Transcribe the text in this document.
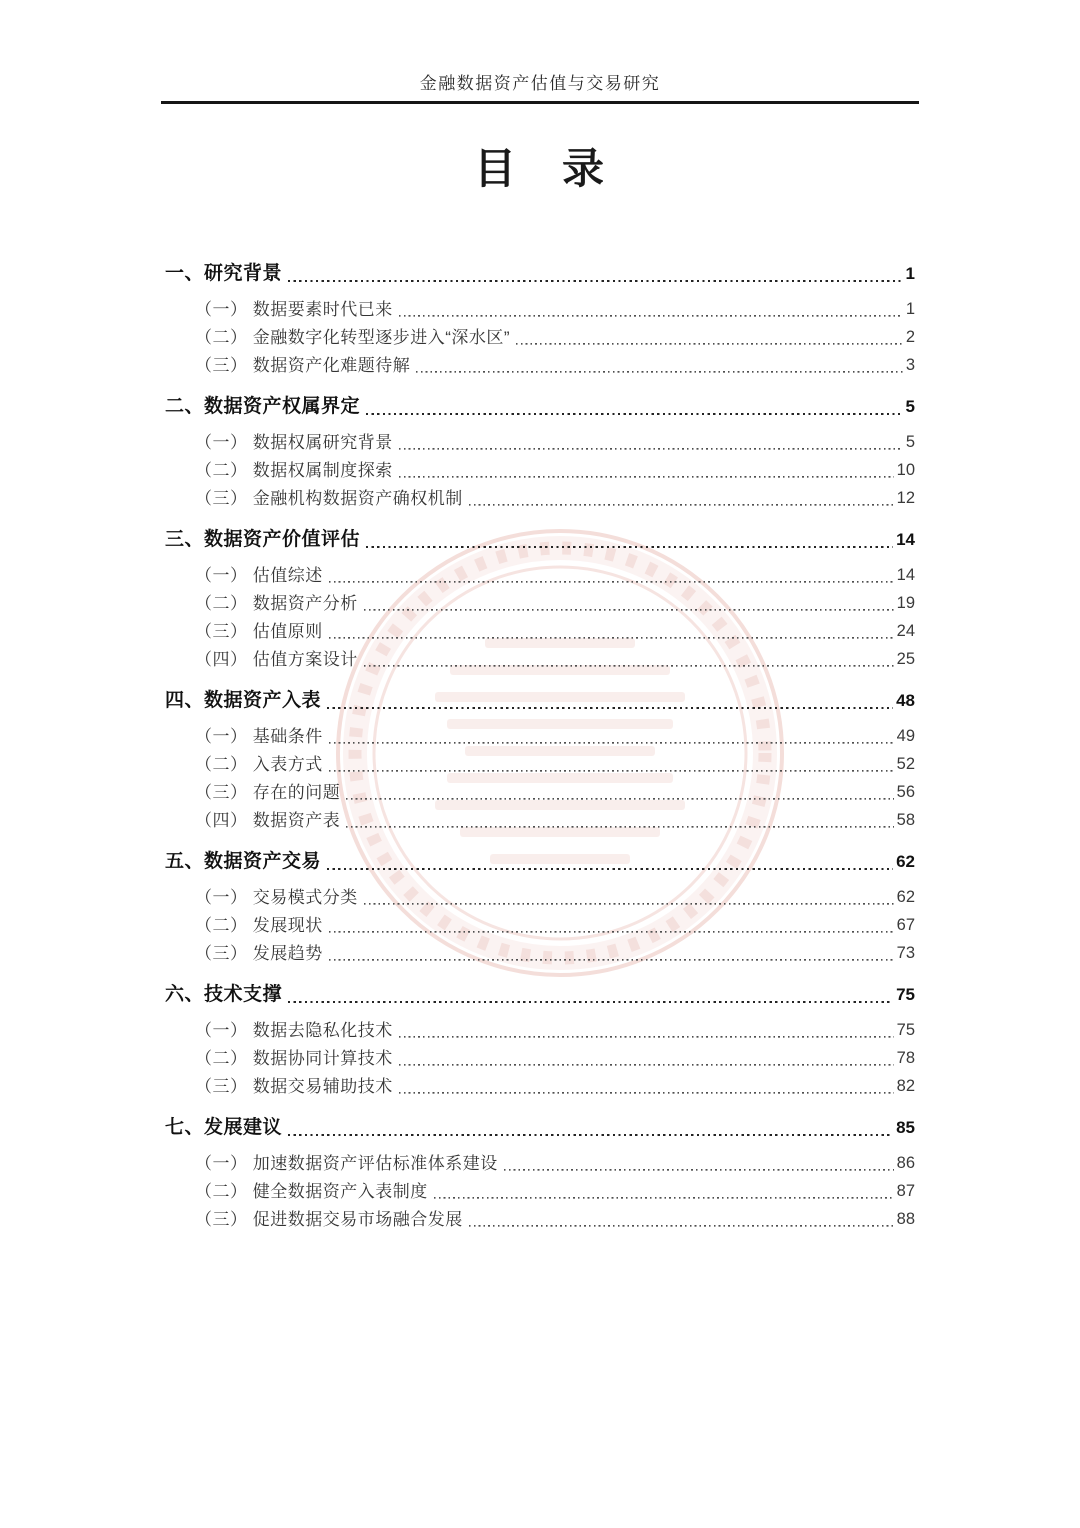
金融数据资产估值与交易研究
目　录
一、研究背景	1
（一） 数据要素时代已来	1
（二） 金融数字化转型逐步进入“深水区”	2
（三） 数据资产化难题待解	3
二、数据资产权属界定	5
（一） 数据权属研究背景	5
（二） 数据权属制度探索	10
（三） 金融机构数据资产确权机制	12
三、数据资产价值评估	14
（一） 估值综述	14
（二） 数据资产分析	19
（三） 估值原则	24
（四） 估值方案设计	25
四、数据资产入表	48
（一） 基础条件	49
（二） 入表方式	52
（三） 存在的问题	56
（四） 数据资产表	58
五、数据资产交易	62
（一） 交易模式分类	62
（二） 发展现状	67
（三） 发展趋势	73
六、技术支撑	75
（一） 数据去隐私化技术	75
（二） 数据协同计算技术	78
（三） 数据交易辅助技术	82
七、发展建议	85
（一） 加速数据资产评估标准体系建设	86
（二） 健全数据资产入表制度	87
（三） 促进数据交易市场融合发展	88
